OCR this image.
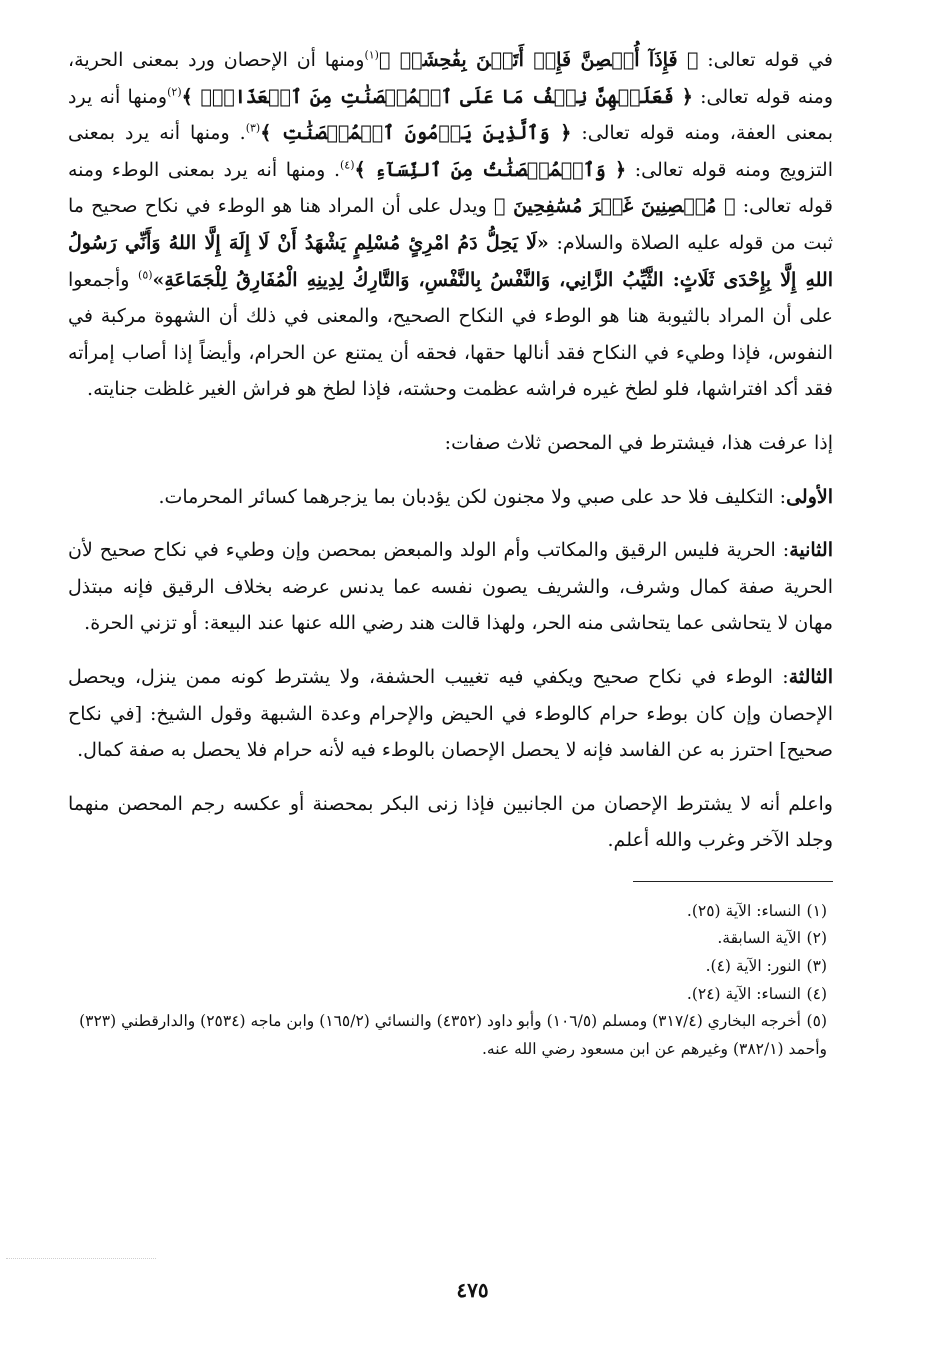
في قوله تعالى: ﴿ فَإِذَآ أُحۡصِنَّ فَإِنۡ أَتَيۡنَ بِفَٰحِشَةٖ ﴾$^{(١)}$ومنها أن الإحصان ورد بمعنى الحرية، ومنه قوله تعالى: ﴿ فَعَلَيۡهِنَّ نِصۡفُ مَا عَلَى ٱلۡمُحۡصَنَٰتِ مِنَ ٱلۡعَذَابِۚ ﴾$^{(٢)}$ومنها أنه يرد بمعنى العفة، ومنه قوله تعالى: ﴿ وَٱلَّذِينَ يَرۡمُونَ ٱلۡمُحۡصَنَٰتِ ﴾$^{(٣)}$. ومنها أنه يرد بمعنى التزويج ومنه قوله تعالى: ﴿ وَٱلۡمُحۡصَنَٰتُ مِنَ ٱلنِّسَآءِ ﴾$^{(٤)}$. ومنها أنه يرد بمعنى الوطء ومنه قوله تعالى: ﴿ مُحۡصِنِينَ غَيۡرَ مُسَٰفِحِينَ ﴾ ويدل على أن المراد هنا هو الوطء في نكاح صحيح ما ثبت من قوله عليه الصلاة والسلام: «لَا يَحِلُّ دَمُ امْرِئٍ مُسْلِمٍ يَشْهَدُ أَنْ لَا إِلَهَ إِلَّا اللهُ وَأَنِّي رَسُولُ اللهِ إِلَّا بِإِحْدَى ثَلَاثٍ: الثَّيِّبُ الزَّانِي، وَالنَّفْسُ بِالنَّفْسِ، وَالتَّارِكُ لِدِينِهِ الْمُفَارِقُ لِلْجَمَاعَةِ»$^{(٥)}$ وأجمعوا على أن المراد بالثيوبة هنا هو الوطء في النكاح الصحيح، والمعنى في ذلك أن الشهوة مركبة في النفوس، فإذا وطيء في النكاح فقد أنالها حقها، فحقه أن يمتنع عن الحرام، وأيضاً إذا أصاب إمرأته فقد أكد افتراشها، فلو لطخ غيره فراشه عظمت وحشته، فإذا لطخ هو فراش الغير غلظت جنايته.

إذا عرفت هذا، فيشترط في المحصن ثلاث صفات:

الأولى: التكليف فلا حد على صبي ولا مجنون لكن يؤدبان بما يزجرهما كسائر المحرمات.

الثانية: الحرية فليس الرقيق والمكاتب وأم الولد والمبعض بمحصن وإن وطيء في نكاح صحيح لأن الحرية صفة كمال وشرف، والشريف يصون نفسه عما يدنس عرضه بخلاف الرقيق فإنه مبتذل مهان لا يتحاشى عما يتحاشى منه الحر، ولهذا قالت هند رضي الله عنها عند البيعة: أو تزني الحرة.

الثالثة: الوطء في نكاح صحيح ويكفي فيه تغييب الحشفة، ولا يشترط كونه ممن ينزل، ويحصل الإحصان وإن كان بوطء حرام كالوطء في الحيض والإحرام وعدة الشبهة وقول الشيخ: [في نكاح صحيح] احترز به عن الفاسد فإنه لا يحصل الإحصان بالوطء فيه لأنه حرام فلا يحصل به صفة كمال.

واعلم أنه لا يشترط الإحصان من الجانبين فإذا زنى البكر بمحصنة أو عكسه رجم المحصن منهما وجلد الآخر وغرب والله أعلم.

(١)النساء: الآية (٢٥).

(٢)الآية السابقة.

(٣)النور: الآية (٤).

(٤)النساء: الآية (٢٤).

(٥)أخرجه البخاري (٣١٧/٤) ومسلم (١٠٦/٥) وأبو داود (٤٣٥٢) والنسائي (١٦٥/٢) وابن ماجه (٢٥٣٤) والدارقطني (٣٢٣) وأحمد (٣٨٢/١) وغيرهم عن ابن مسعود رضي الله عنه.

٤٧٥
